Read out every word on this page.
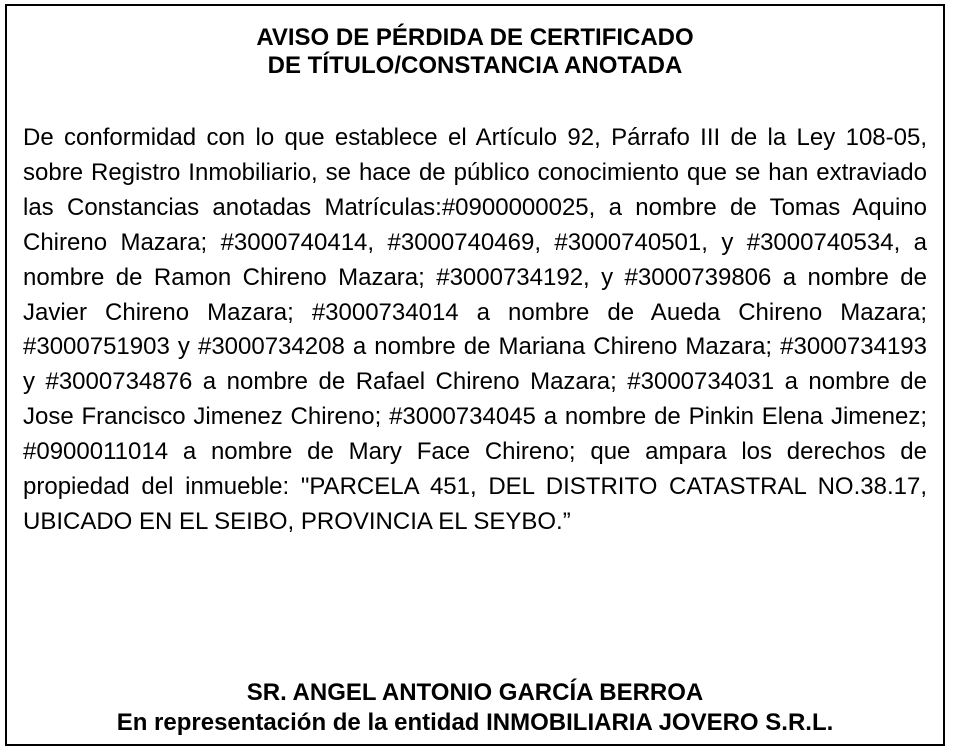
AVISO DE PÉRDIDA DE CERTIFICADO
DE TÍTULO/CONSTANCIA ANOTADA

De conformidad con lo que establece el Artículo 92, Párrafo III de la Ley 108-05, sobre Registro Inmobiliario, se hace de público conocimiento que se han extraviado las Constancias anotadas Matrículas:#0900000025, a nombre de Tomas Aquino Chireno Mazara; #3000740414, #3000740469, #3000740501, y #3000740534, a nombre de Ramon Chireno Mazara; #3000734192, y #3000739806 a nombre de Javier Chireno Mazara; #3000734014 a nombre de Aueda Chireno Mazara; #3000751903 y #3000734208 a nombre de Mariana Chireno Mazara; #3000734193 y #3000734876 a nombre de Rafael Chireno Mazara; #3000734031 a nombre de Jose Francisco Jimenez Chireno; #3000734045 a nombre de Pinkin Elena Jimenez; #0900011014 a nombre de Mary Face Chireno; que ampara los derechos de propiedad del inmueble: "PARCELA 451, DEL DISTRITO CATASTRAL NO.38.17, UBICADO EN EL SEIBO, PROVINCIA EL SEYBO.”

SR. ANGEL ANTONIO GARCÍA BERROA
En representación de la entidad INMOBILIARIA JOVERO S.R.L.
